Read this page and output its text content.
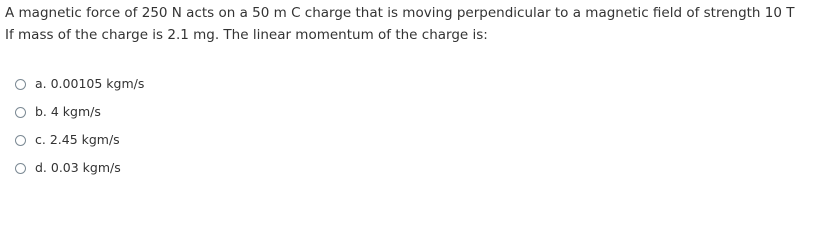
A magnetic force of 250 N acts on a 50 m C charge that is moving perpendicular to a magnetic field of strength 10 T
If mass of the charge is 2.1 mg. The linear momentum of the charge is:
a. 0.00105 kgm/s
b. 4 kgm/s
c. 2.45 kgm/s
d. 0.03 kgm/s
